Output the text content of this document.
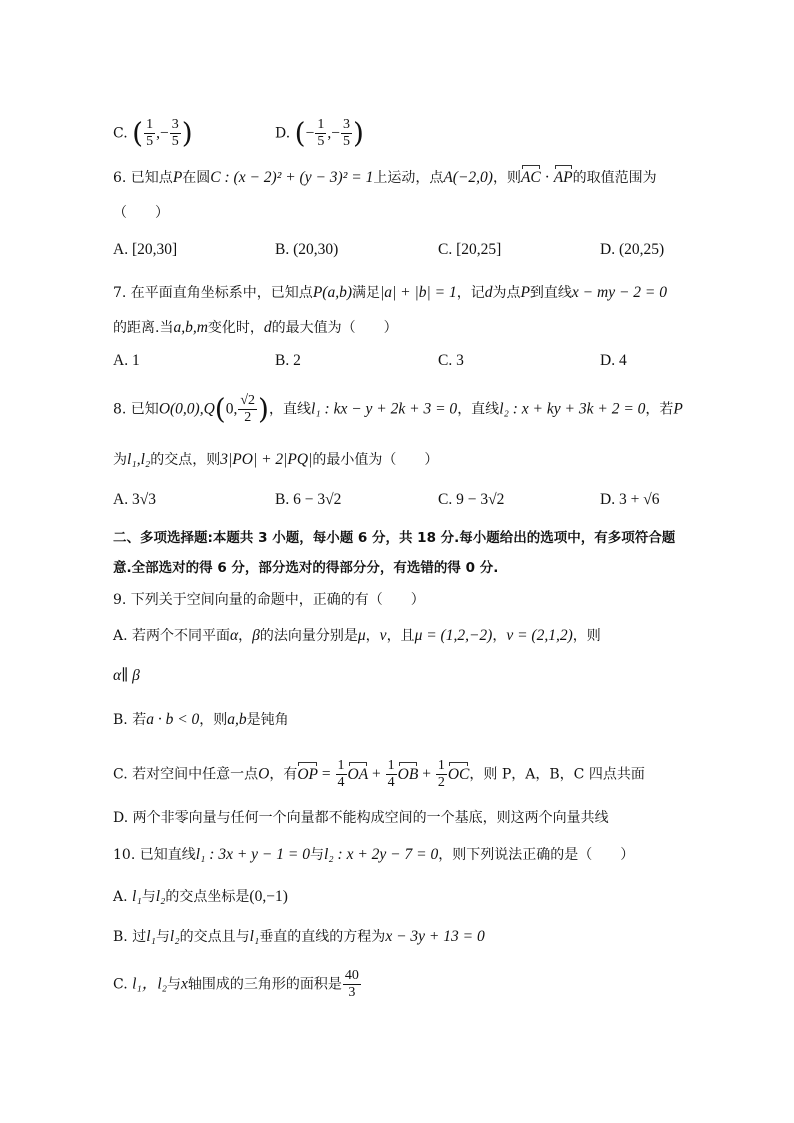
C. ( $\frac{1}{5}$ ,− $\frac{3}{5}$ )	D. (− $\frac{1}{5}$ ,− $\frac{3}{5}$ )
6. 已知点P在圆C : (x − 2)² + (y − 3)² = 1上运动，点A(−2,0)，则AC · AP的取值范围为
（　　）
A. [20,30]	B. (20,30)	C. [20,25]	D. (20,25)
7. 在平面直角坐标系中，已知点P(a,b)满足|a| + |b| = 1，记d为点P到直线x − my − 2 = 0
的距离.当a,b,m变化时，d的最大值为（　　）
A. 1	B. 2	C. 3	D. 4
8. 已知O(0,0),Q(0, $\frac{√2}{2}$ )，直线l₁ : kx − y + 2k + 3 = 0，直线l₂ : x + ky + 3k + 2 = 0，若P
为l₁,l₂的交点，则3|PO| + 2|PQ|的最小值为（　　）
A. 3√3	B. 6 − 3√2	C. 9 − 3√2	D. 3 + √6
二、多项选择题:本题共 3 小题，每小题 6 分，共 18 分.每小题给出的选项中，有多项符合题
意.全部选对的得 6 分，部分选对的得部分分，有选错的得 0 分.
9. 下列关于空间向量的命题中，正确的有（　　）
A. 若两个不同平面α，β的法向量分别是μ，ν，且μ = (1,2,−2)，ν = (2,1,2)，则
α∥ β
B. 若a · b < 0，则a,b是钝角
C. 若对空间中任意一点O，有OP = $\frac{1}{4}$ OA + $\frac{1}{4}$ OB + $\frac{1}{2}$ OC，则 P，A，B，C 四点共面
D. 两个非零向量与任何一个向量都不能构成空间的一个基底，则这两个向量共线
10. 已知直线l₁ : 3x + y − 1 = 0与l₂ : x + 2y − 7 = 0，则下列说法正确的是（　　）
A. l₁与l₂的交点坐标是(0,−1)
B. 过l₁与l₂的交点且与l₁垂直的直线的方程为x − 3y + 13 = 0
C. l₁，l₂与x轴围成的三角形的面积是 $\frac{40}{3}$
